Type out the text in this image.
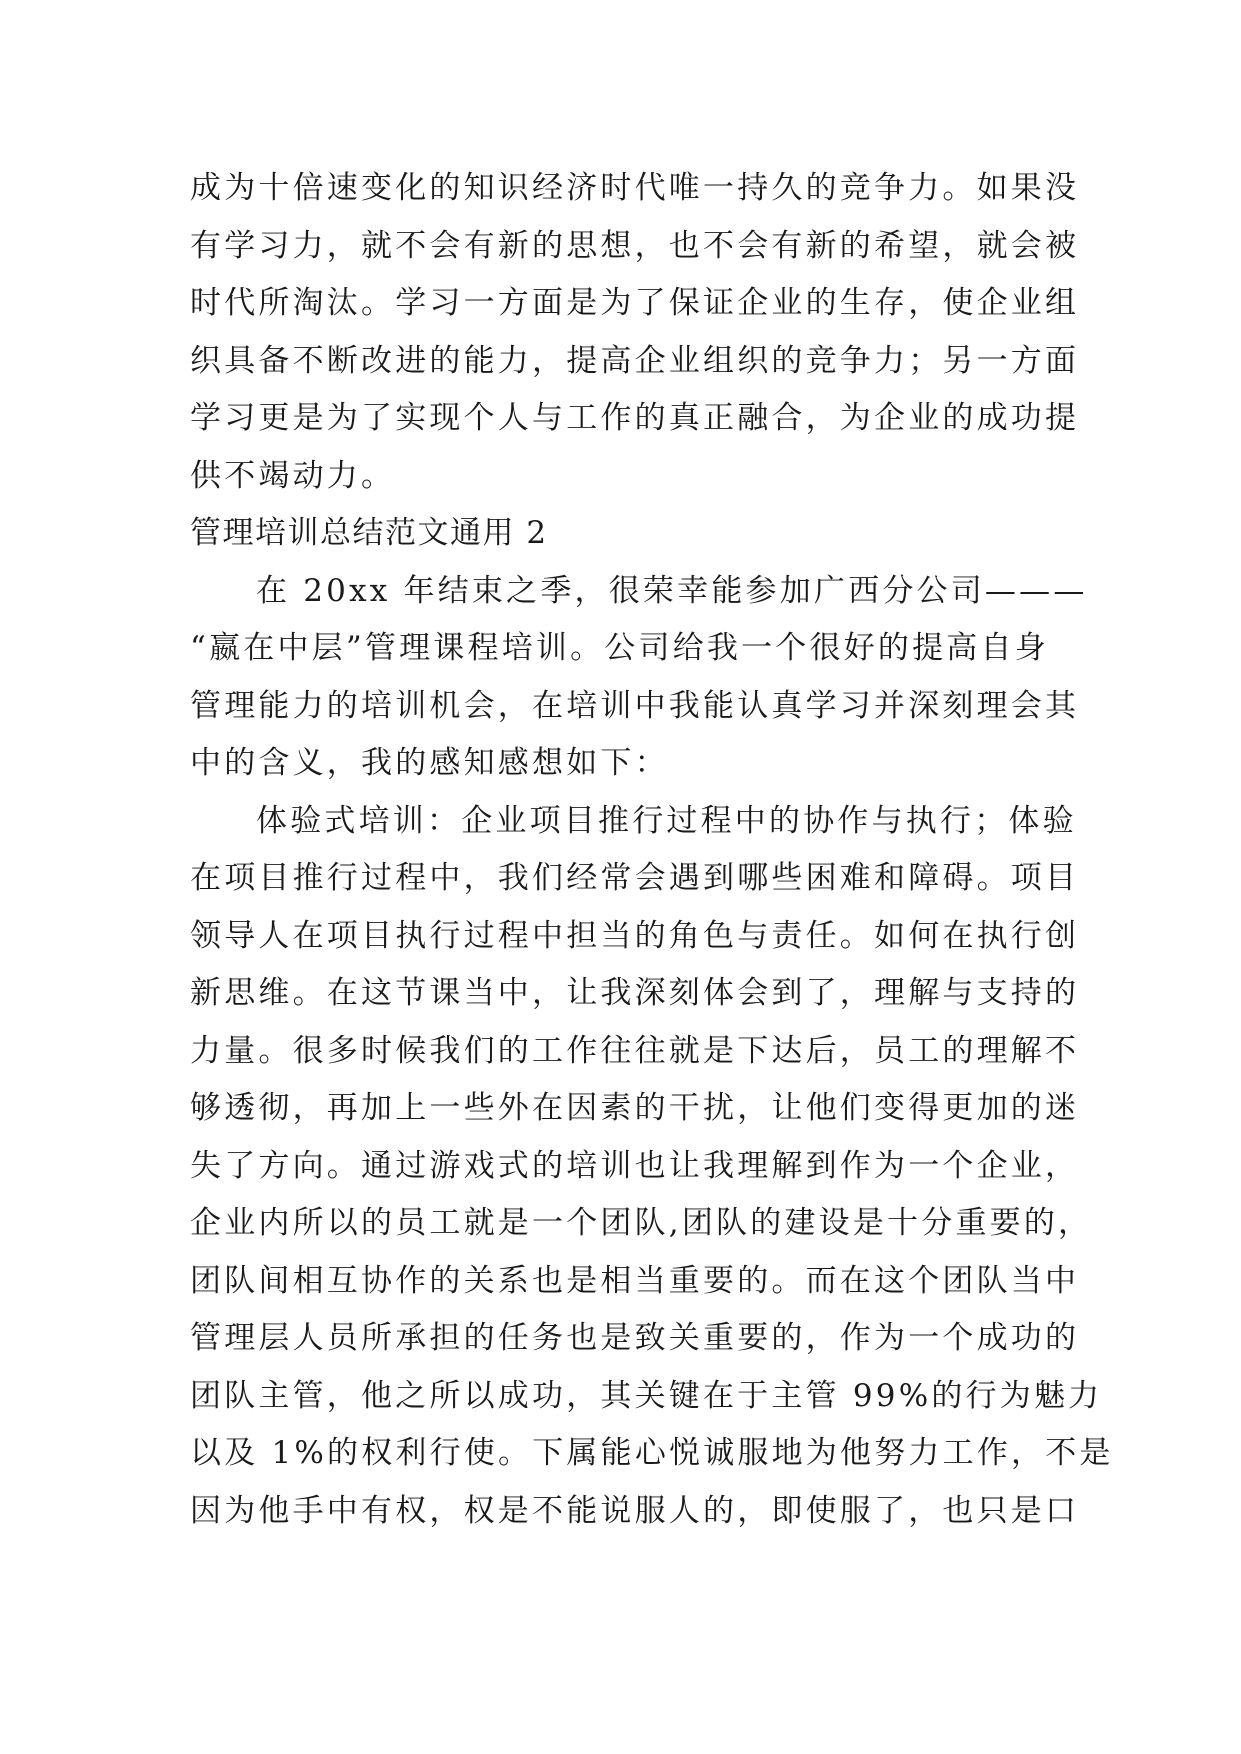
成为十倍速变化的知识经济时代唯一持久的竞争力。如果没
有学习力，就不会有新的思想，也不会有新的希望，就会被
时代所淘汰。学习一方面是为了保证企业的生存，使企业组
织具备不断改进的能力，提高企业组织的竞争力；另一方面
学习更是为了实现个人与工作的真正融合，为企业的成功提
供不竭动力。
管理培训总结范文通用 2
在 20xx 年结束之季，很荣幸能参加广西分公司———
“嬴在中层”管理课程培训。公司给我一个很好的提高自身
管理能力的培训机会，在培训中我能认真学习并深刻理会其
中的含义，我的感知感想如下：
体验式培训：企业项目推行过程中的协作与执行；体验
在项目推行过程中，我们经常会遇到哪些困难和障碍。项目
领导人在项目执行过程中担当的角色与责任。如何在执行创
新思维。在这节课当中，让我深刻体会到了，理解与支持的
力量。很多时候我们的工作往往就是下达后，员工的理解不
够透彻，再加上一些外在因素的干扰，让他们变得更加的迷
失了方向。通过游戏式的培训也让我理解到作为一个企业，
企业内所以的员工就是一个团队,团队的建设是十分重要的，
团队间相互协作的关系也是相当重要的。而在这个团队当中
管理层人员所承担的任务也是致关重要的，作为一个成功的
团队主管，他之所以成功，其关键在于主管 99%的行为魅力
以及 1%的权利行使。下属能心悦诚服地为他努力工作，不是
因为他手中有权，权是不能说服人的，即使服了，也只是口
